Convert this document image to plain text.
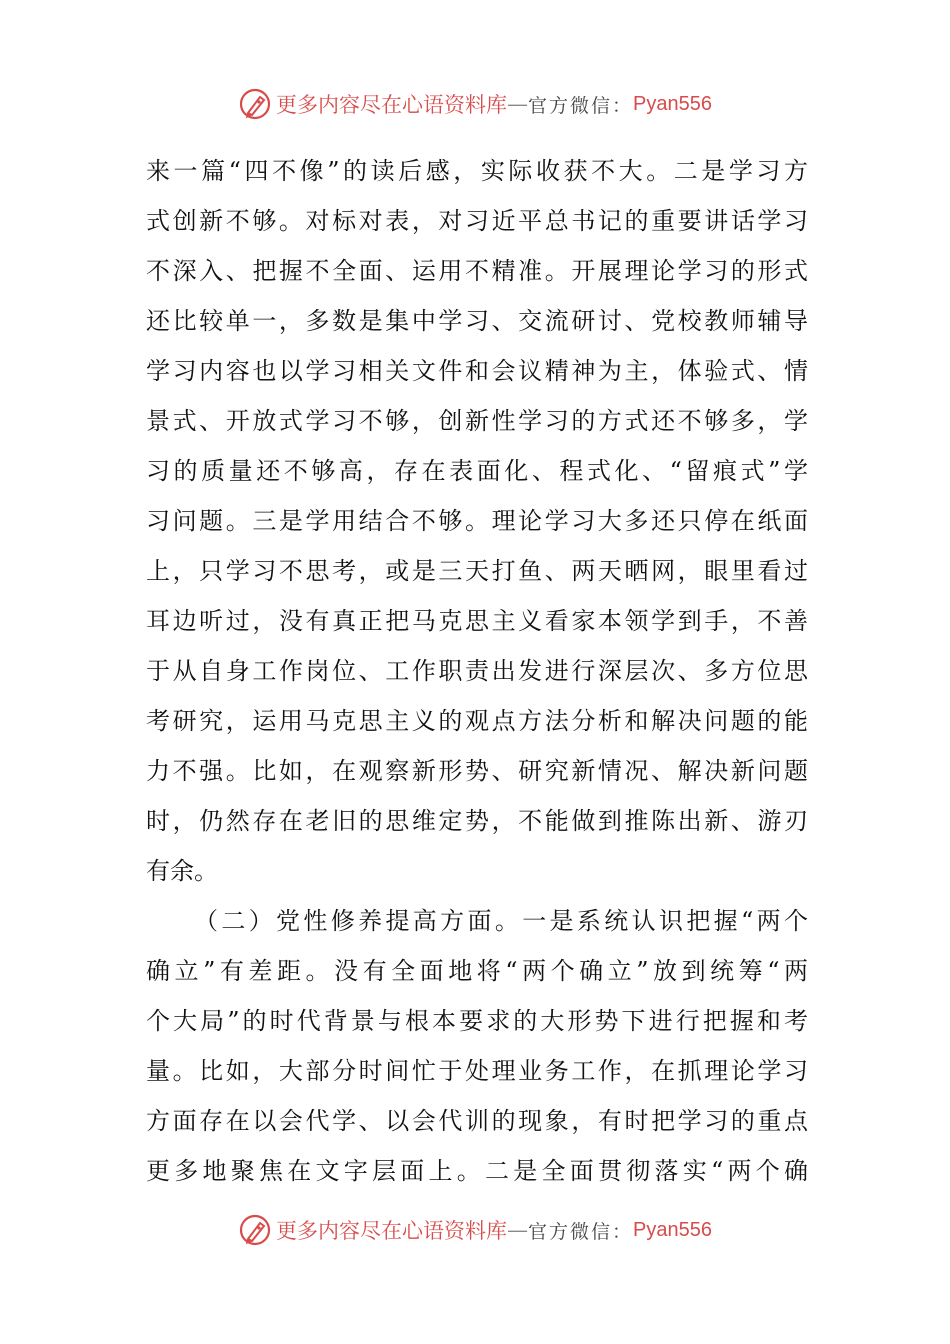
更多内容尽在心语资料库 — 官方微信： Pyan556
来一篇“四不像”的读后感，实际收获不大。二是学习方
式创新不够。对标对表，对习近平总书记的重要讲话学习
不深入、把握不全面、运用不精准。开展理论学习的形式
还比较单一，多数是集中学习、交流研讨、党校教师辅导
学习内容也以学习相关文件和会议精神为主，体验式、情
景式、开放式学习不够，创新性学习的方式还不够多，学
习的质量还不够高，存在表面化、程式化、“留痕式”学
习问题。三是学用结合不够。理论学习大多还只停在纸面
上，只学习不思考，或是三天打鱼、两天晒网，眼里看过
耳边听过，没有真正把马克思主义看家本领学到手，不善
于从自身工作岗位、工作职责出发进行深层次、多方位思
考研究，运用马克思主义的观点方法分析和解决问题的能
力不强。比如，在观察新形势、研究新情况、解决新问题
时，仍然存在老旧的思维定势，不能做到推陈出新、游刃
有余。
（二）党性修养提高方面。一是系统认识把握“两个
确立”有差距。没有全面地将“两个确立”放到统筹“两
个大局”的时代背景与根本要求的大形势下进行把握和考
量。比如，大部分时间忙于处理业务工作，在抓理论学习
方面存在以会代学、以会代训的现象，有时把学习的重点
更多地聚焦在文字层面上。二是全面贯彻落实“两个确
更多内容尽在心语资料库 — 官方微信： Pyan556
